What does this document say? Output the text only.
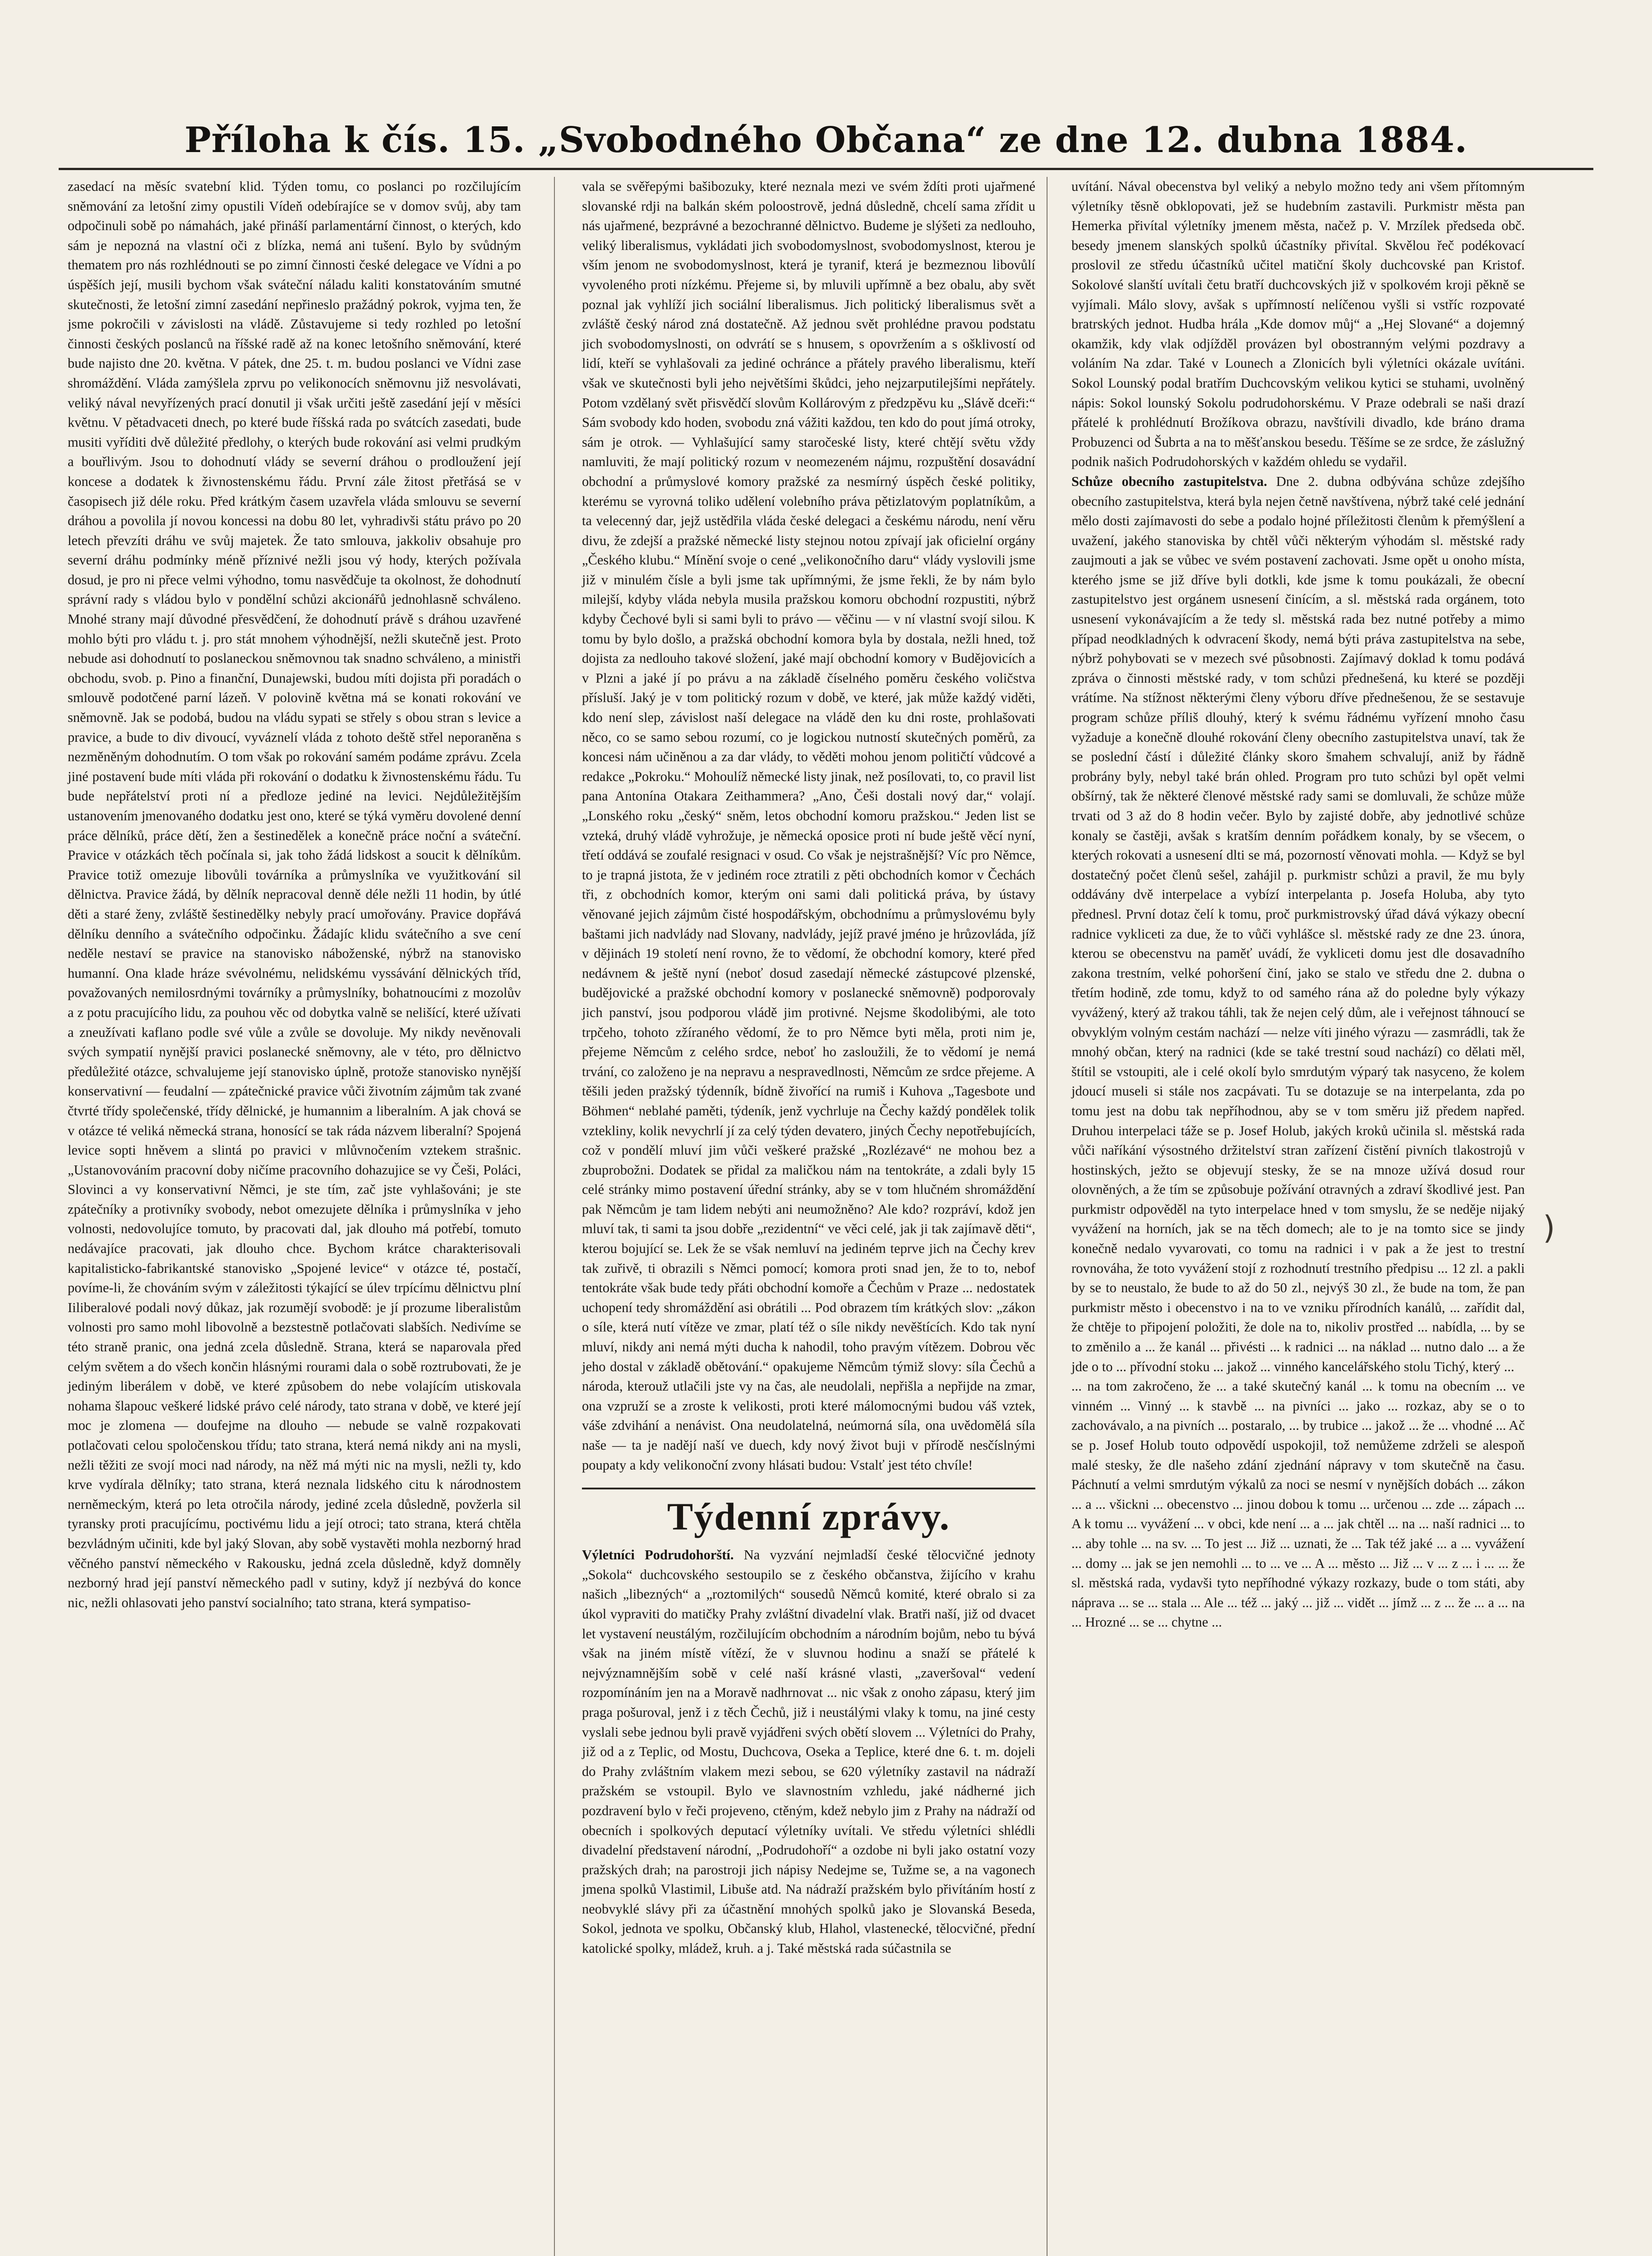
Příloha k čís. 15. „Svobodného Občana“ ze dne 12. dubna 1884.

zasedací na měsíc svatební klid. Týden tomu, co poslanci po rozčilujícím sněmování za letošní zimy opustili Vídeň odebírajíce se v domov svůj, aby tam odpočinuli sobě po námahách, jaké přináší parlamentární činnost, o kterých, kdo sám je nepozná na vlastní oči z blízka, nemá ani tušení. Bylo by svůdným thematem pro nás rozhlédnouti se po zimní činnosti české delegace ve Vídni a po úspěších její, musili bychom však sváteční náladu kaliti konstatováním smutné skutečnosti, že letošní zimní zasedání nepřineslo pražádný pokrok, vyjma ten, že jsme pokročili v závislosti na vládě. Zůstavujeme si tedy rozhled po letošní činnosti českých poslanců na říšské radě až na konec letošního sněmování, které bude najisto dne 20. května. V pátek, dne 25. t. m. budou poslanci ve Vídni zase shromáždění. Vláda zamýšlela zprvu po velikonocích sněmovnu již nesvolávati, veliký nával nevyřízených prací donutil ji však určiti ještě zasedání její v měsíci květnu. V pětadvaceti dnech, po které bude říšská rada po svátcích zasedati, bude musiti vyříditi dvě důležité předlohy, o kterých bude rokování asi velmi prudkým a bouřlivým. Jsou to dohodnutí vlády se severní dráhou o prodloužení její koncese a dodatek k živnostenskému řádu. První zále žitost přetřásá se v časopisech již déle roku. Před krátkým časem uzavřela vláda smlouvu se severní dráhou a povolila jí novou koncessi na dobu 80 let, vyhradivši státu právo po 20 letech převzíti dráhu ve svůj majetek. Že tato smlouva, jakkoliv obsahuje pro severní dráhu podmínky méně příznivé nežli jsou vý hody, kterých požívala dosud, je pro ni přece velmi výhodno, tomu nasvědčuje ta okolnost, že dohodnutí správní rady s vládou bylo v pondělní schůzi akcionářů jednohlasně schváleno. Mnohé strany mají důvodné přesvědčení, že dohodnutí právě s dráhou uzavřené mohlo býti pro vládu t. j. pro stát mnohem výhodnější, nežli skutečně jest. Proto nebude asi dohodnutí to poslaneckou sněmovnou tak snadno schváleno, a ministři obchodu, svob. p. Pino a finanční, Dunajewski, budou míti dojista při poradách o smlouvě podotčené parní lázeň. V polovině května má se konati rokování ve sněmovně. Jak se podobá, budou na vládu sypati se střely s obou stran s levice a pravice, a bude to div divoucí, vyváznelí vláda z tohoto deště střel neporaněna s nezměněným dohodnutím. O tom však po rokování samém podáme zprávu. Zcela jiné postavení bude míti vláda při rokování o dodatku k živnostenskému řádu. Tu bude nepřátelství proti ní a předloze jediné na levici. Nejdůležitějším ustanovením jmenovaného dodatku jest ono, které se týká vyměru dovolené denní práce dělníků, práce dětí, žen a šestinedělek a konečně práce noční a sváteční. Pravice v otázkách těch počínala si, jak toho žádá lidskost a soucit k dělníkům. Pravice totiž omezuje libovůli továrníka a průmyslníka ve využitkování sil dělnictva. Pravice žádá, by dělník nepracoval denně déle nežli 11 hodin, by útlé děti a staré ženy, zvláště šestinedělky nebyly prací umořovány. Pravice dopřává dělníku denního a svátečního odpočinku. Žádajíc klidu svátečního a sve cení neděle nestaví se pravice na stanovisko náboženské, nýbrž na stanovisko humanní. Ona klade hráze svévolnému, nelidskému vyssávání dělnických tříd, považovaných nemilosrdnými továrníky a průmyslníky, bohatnoucími z mozolův a z potu pracujícího lidu, za pouhou věc od dobytka valně se nelišící, které užívati a zneužívati kaflano podle své vůle a zvůle se dovoluje. My nikdy nevěnovali svých sympatií nynější pravici poslanecké sněmovny, ale v této, pro dělnictvo předůležité otázce, schvalujeme její stanovisko úplně, protože stanovisko nynější konservativní — feudalní — zpátečnické pravice vůči životním zájmům tak zvané čtvrté třídy společenské, třídy dělnické, je humannim a liberalním. A jak chová se v otázce té veliká německá strana, honosící se tak ráda názvem liberalní? Spojená levice sopti hněvem a slintá po pravici v mlůvnočením vztekem strašnic. „Ustanovováním pracovní doby ničíme pracovního dohazujice se vy Češi, Poláci, Slovinci a vy konservativní Němci, je ste tím, zač jste vyhlašováni; je ste zpátečníky a protivníky svobody, nebot omezujete dělníka i průmyslníka v jeho volnosti, nedovolujíce tomuto, by pracovati dal, jak dlouho má potřebí, tomuto nedávajíce pracovati, jak dlouho chce. Bychom krátce charakterisovali kapitalisticko-fabrikantské stanovisko „Spojené levice“ v otázce té, postačí, povíme-li, že chováním svým v záležitosti týkající se úlev trpícímu dělnictvu plní Iiliberalové podali nový důkaz, jak rozumějí svobodě: je jí prozume liberalistům volnosti pro samo mohl libovolně a bezstestně potlačovati slabších. Nedivíme se této straně pranic, ona jedná zcela důsledně. Strana, která se naparovala před celým světem a do všech končin hlásnými rourami dala o sobě roztrubovati, že je jediným liberálem v době, ve které způsobem do nebe volajícím utiskovala nohama šlapouc veškeré lidské právo celé národy, tato strana v době, ve které její moc je zlomena — doufejme na dlouho — nebude se valně rozpakovati potlačovati celou spoločenskou třídu; tato strana, která nemá nikdy ani na mysli, nežli těžiti ze svojí moci nad národy, na něž má mýti nic na mysli, nežli ty, kdo krve vydírala dělníky; tato strana, která neznala lidského citu k národnostem nerněmeckým, která po leta otročila národy, jediné zcela důsledně, povžerla sil tyransky proti pracujícímu, poctivému lidu a její otroci; tato strana, která chtěla bezvládným učiniti, kde byl jaký Slovan, aby sobě vystavěti mohla nezborný hrad věčného panství německého v Rakousku, jedná zcela důsledně, když domněly nezborný hrad její panství německého padl v sutiny, když jí nezbývá do konce nic, nežli ohlasovati jeho panství socialního; tato strana, která sympatiso-

vala se svěřepými bašibozuky, které neznala mezi ve svém ždíti proti ujařmené slovanské rdji na balkán ském poloostrově, jedná důsledně, chcelí sama zřídit u nás ujařmené, bezprávné a bezochranné dělnictvo. Budeme je slýšeti za nedlouho, veliký liberalismus, vykládati jich svobodomyslnost, svobodomyslnost, kterou je vším jenom ne svobodomyslnost, která je tyranif, která je bezmeznou libovůlí vyvoleného proti nízkému. Přejeme si, by mluvili upřímně a bez obalu, aby svět poznal jak vyhlíží jich sociální liberalismus. Jich politický liberalismus svět a zvláště český národ zná dostatečně. Až jednou svět prohlédne pravou podstatu jich svobodomyslnosti, on odvrátí se s hnusem, s opovržením a s ošklivostí od lidí, kteří se vyhlašovali za jediné ochránce a přátely pravého liberalismu, kteří však ve skutečnosti byli jeho největšími škůdci, jeho nejzarputilejšími nepřátely. Potom vzdělaný svět přisvědčí slovům Kollárovým z předzpěvu ku „Slávě dceři:“ Sám svobody kdo hoden, svobodu zná vážiti každou, ten kdo do pout jímá otroky, sám je otrok. — Vyhlašující samy staročeské listy, které chtějí světu vždy namluviti, že mají politický rozum v neomezeném nájmu, rozpuštění dosavádní obchodní a průmyslové komory pražské za nesmírný úspěch české politiky, kterému se vyrovná toliko udělení volebního práva pětizlatovým poplatníkům, a ta velecenný dar, jejž ustědřila vláda české delegaci a českému národu, není věru divu, že zdejší a pražské německé listy stejnou notou zpívají jak oficielní orgány „Českého klubu.“ Mínění svoje o cené „velikonočního daru“ vlády vyslovili jsme již v minulém čísle a byli jsme tak upřímnými, že jsme řekli, že by nám bylo milejší, kdyby vláda nebyla musila pražskou komoru obchodní rozpustiti, nýbrž kdyby Čechové byli si sami byli to právo — věčinu — v ní vlastní svojí silou. K tomu by bylo došlo, a pražská obchodní komora byla by dostala, nežli hned, tož dojista za nedlouho takové složení, jaké mají obchodní komory v Budějovicích a v Plzni a jaké jí po právu a na základě číselného poměru českého voličstva přísluší. Jaký je v tom politický rozum v době, ve které, jak může každý viděti, kdo není slep, závislost naší delegace na vládě den ku dni roste, prohlašovati něco, co se samo sebou rozumí, co je logickou nutností skutečných poměrů, za koncesi nám učiněnou a za dar vlády, to věděti mohou jenom političtí vůdcové a redakce „Pokroku.“ Mohoulíž německé listy jinak, než posílovati, to, co pravil list pana Antonína Otakara Zeithammera? „Ano, Češi dostali nový dar,“ volají. „Lonského roku „český“ sněm, letos obchodní komoru pražskou.“ Jeden list se vzteká, druhý vládě vyhrožuje, je německá oposice proti ní bude ještě věcí nyní, třetí oddává se zoufalé resignaci v osud. Co však je nejstrašnější? Víc pro Němce, to je trapná jistota, že v jediném roce ztratili z pěti obchodních komor v Čechách tři, z obchodních komor, kterým oni sami dali politická práva, by ústavy věnované jejich zájmům čisté hospodářským, obchodnímu a průmyslovému byly baštami jich nadvlády nad Slovany, nadvlády, jejíž pravé jméno je hrůzovláda, jíž v dějinách 19 století není rovno, že to vědomí, že obchodní komory, které před nedávnem & ještě nyní (neboť dosud zasedají německé zástupcové plzenské, budějovické a pražské obchodní komory v poslanecké sněmovně) podporovaly jich panství, jsou podporou vládě jim protivné. Nejsme škodolibými, ale toto trpčeho, tohoto zžíraného vědomí, že to pro Němce byti měla, proti nim je, přejeme Němcům z celého srdce, neboť ho zasloužili, že to vědomí je nemá trvání, co založeno je na nepravu a nespravedlnosti, Němcům ze srdce přejeme. A těšili jeden pražský týdenník, bídně živořící na rumiš i Kuhova „Tagesbote und Böhmen“ neblahé paměti, týdeník, jenž vychrluje na Čechy každý pondělek tolik vztekliny, kolik nevychrlí jí za celý týden devatero, jiných Čechy nepotřebujících, což v pondělí mluví jim vůči veškeré pražské „Rozlézavé“ ne mohou bez a zbuprobožni. Dodatek se přidal za maličkou nám na tentokráte, a zdali byly 15 celé stránky mimo postavení úřední stránky, aby se v tom hlučném shromáždění pak Němcům je tam lidem nebýti ani neumožněno? Ale kdo? rozpráví, kdož jen mluví tak, ti sami ta jsou dobře „rezidentní“ ve věci celé, jak ji tak zajímavě děti“, kterou bojující se. Lek že se však nemluví na jediném teprve jich na Čechy krev tak zuřivě, ti obrazili s Němci pomocí; komora proti snad jen, že to to, nebof tentokráte však bude tedy přáti obchodní komoře a Čechům v Praze ... nedostatek uchopení tedy shromáždění asi obrátili ... Pod obrazem tím krátkých slov: „zákon o síle, která nutí vítěze ve zmar, platí též o síle nikdy nevěštících. Kdo tak nyní mluví, nikdy ani nemá mýti ducha k nahodil, toho pravým vítězem. Dobrou věc jeho dostal v základě obětování.“ opakujeme Němcům týmiž slovy: síla Čechů a národa, kterouž utlačili jste vy na čas, ale neudolali, nepřišla a nepřijde na zmar, ona vzpruží se a zroste k velikosti, proti které málomocnými budou váš vztek, váše zdvihání a nenávist. Ona neudolatelná, neúmorná síla, ona uvědomělá síla naše — ta je nadějí naší ve duech, kdy nový život buji v přírodě nesčíslnými poupaty a kdy velikonoční zvony hlásati budou: Vstalť jest této chvíle!

Týdenní zprávy.

Výletníci Podrudohorští. Na vyzvání nejmladší české tělocvičné jednoty „Sokola“ duchcovského sestoupilo se z českého občanstva, žijícího v krahu našich „libezných“ a „roztomilých“ sousedů Němců komité, které obralo si za úkol vypraviti do matičky Prahy zvláštní divadelní vlak. Bratři naší, již od dvacet let vystavení neustálým, rozčilujícím obchodním a národním bojům, nebo tu bývá však na jiném místě vítězí, že v sluvnou hodinu a snaží se přátelé k nejvýznamnějším sobě v celé naší krásné vlasti, „zaveršoval“ vedení rozpomínáním jen na a Moravě nadhrnovat ... nic však z onoho zápasu, který jim praga pošuroval, jenž i z těch Čechů, již i neustálými vlaky k tomu, na jiné cesty vyslali sebe jednou byli pravě vyjádřeni svých obětí slovem ... Výletníci do Prahy, již od a z Teplic, od Mostu, Duchcova, Oseka a Teplice, které dne 6. t. m. dojeli do Prahy zvláštním vlakem mezi sebou, se 620 výletníky zastavil na nádraží pražském se vstoupil. Bylo ve slavnostním vzhledu, jaké nádherné jich pozdravení bylo v řeči projeveno, ctěným, kdež nebylo jim z Prahy na nádraží od obecních i spolkových deputací výletníky uvítali. Ve středu výletníci shlédli divadelní představení národní, „Podrudohoří“ a ozdobe ni byli jako ostatní vozy pražských drah; na parostroji jich nápisy Nedejme se, Tužme se, a na vagonech jmena spolků Vlastimil, Libuše atd. Na nádraží pražském bylo přivítáním hostí z neobvyklé slávy při za účastnění mnohých spolků jako je Slovanská Beseda, Sokol, jednota ve spolku, Občanský klub, Hlahol, vlastenecké, tělocvičné, přední katolické spolky, mládež, kruh. a j. Také městská rada súčastnila se

uvítání. Nával obecenstva byl veliký a nebylo možno tedy ani všem přítomným výletníky těsně obklopovati, jež se hudebním zastavili. Purkmistr města pan Hemerka přivítal výletníky jmenem města, načež p. V. Mrzílek předseda obč. besedy jmenem slanských spolků účastníky přivítal. Skvělou řeč podékovací proslovil ze středu účastníků učitel matiční školy duchcovské pan Kristof. Sokolové slanští uvítali četu bratří duchcovských již v spolkovém kroji pěkně se vyjímali. Málo slovy, avšak s upřímností nelíčenou vyšli si vstříc rozpovaté bratrských jednot. Hudba hrála „Kde domov můj“ a „Hej Slované“ a dojemný okamžik, kdy vlak odjížděl provázen byl obostranným velými pozdravy a voláním Na zdar. Také v Lounech a Zlonicích byli výletníci okázale uvítáni. Sokol Lounský podal bratřím Duchcovským velikou kytici se stuhami, uvolněný nápis: Sokol lounský Sokolu podrudohorskému. V Praze odebrali se naši drazí přátelé k prohlédnutí Brožíkova obrazu, navštívili divadlo, kde bráno drama Probuzenci od Šubrta a na to měšťanskou besedu. Těšíme se ze srdce, že záslužný podnik našich Podrudohorských v každém ohledu se vydařil.

Schůze obecního zastupitelstva. Dne 2. dubna odbývána schůze zdejšího obecního zastupitelstva, která byla nejen četně navštívena, nýbrž také celé jednání mělo dosti zajímavosti do sebe a podalo hojné příležitosti členům k přemýšlení a uvažení, jakého stanoviska by chtěl vůči některým výhodám sl. městské rady zaujmouti a jak se vůbec ve svém postavení zachovati. Jsme opět u onoho místa, kterého jsme se již dříve byli dotkli, kde jsme k tomu poukázali, že obecní zastupitelstvo jest orgánem usnesení činícím, a sl. městská rada orgánem, toto usnesení vykonávajícím a že tedy sl. městská rada bez nutné potřeby a mimo případ neodkladných k odvracení škody, nemá býti práva zastupitelstva na sebe, nýbrž pohybovati se v mezech své působnosti. Zajímavý doklad k tomu podává zpráva o činnosti městské rady, v tom schůzi přednešená, ku které se později vrátíme. Na stížnost některými členy výboru dříve přednešenou, že se sestavuje program schůze příliš dlouhý, který k svému řádnému vyřízení mnoho času vyžaduje a konečně dlouhé rokování členy obecního zastupitelstva unaví, tak že se poslední částí i důležité články skoro šmahem schvalují, aniž by řádně probrány byly, nebyl také brán ohled. Program pro tuto schůzi byl opět velmi obšírný, tak že některé členové městské rady sami se domluvali, že schůze může trvati od 3 až do 8 hodin večer. Bylo by zajisté dobře, aby jednotlivé schůze konaly se častěji, avšak s kratším denním pořádkem konaly, by se všecem, o kterých rokovati a usnesení dlti se má, pozorností věnovati mohla. — Když se byl dostatečný počet členů sešel, zahájil p. purkmistr schůzi a pravil, že mu byly oddávány dvě interpelace a vybízí interpelanta p. Josefa Holuba, aby tyto přednesl. První dotaz čelí k tomu, proč purkmistrovský úřad dává výkazy obecní radnice vykliceti za due, že to vůči vyhlášce sl. městské rady ze dne 23. února, kterou se obecenstvu na paměť uvádí, že vykliceti domu jest dle dosavadního zakona trestním, velké pohoršení činí, jako se stalo ve středu dne 2. dubna o třetím hodině, zde tomu, když to od samého rána až do poledne byly výkazy vyvážený, který až trakou táhli, tak že nejen celý dům, ale i veřejnost táhnoucí se obvyklým volným cestám nachází — nelze víti jiného výrazu — zasmrádli, tak že mnohý občan, který na radnici (kde se také trestní soud nachází) co dělati měl, štítil se vstoupiti, ale i celé okolí bylo smrdutým výparý tak nasyceno, že kolem jdoucí museli si stále nos zacpávati. Tu se dotazuje se na interpelanta, zda po tomu jest na dobu tak nepříhodnou, aby se v tom směru již předem napřed. Druhou interpelaci táže se p. Josef Holub, jakých kroků učinila sl. městská rada vůči naříkání výsostného držitelství stran zařízení čistění pivních tlakostrojů v hostinských, ježto se objevují stesky, že se na mnoze užívá dosud rour olovněných, a že tím se způsobuje požívání otravných a zdraví škodlivé jest. Pan purkmistr odpověděl na tyto interpelace hned v tom smyslu, že se neděje nijaký vyvážení na horních, jak se na těch domech; ale to je na tomto sice se jindy konečně nedalo vyvarovati, co tomu na radnici i v pak a že jest to trestní rovnováha, že toto vyvážení stojí z rozhodnutí trestního předpisu ... 12 zl. a pakli by se to neustalo, že bude to až do 50 zl., nejvýš 30 zl., že bude na tom, že pan purkmistr město i obecenstvo i na to ve vzniku přírodních kanálů, ... zařídit dal, že chtěje to připojení položiti, že dole na to, nikoliv prostřed ... nabídla, ... by se to změnilo a ... že kanál ... přivésti ... k radnici ... na náklad ... nutno dalo ... a že jde o to ... přívodní stoku ... jakož ... vinného kancelářského stolu Tichý, který ...

... na tom zakročeno, že ... a také skutečný kanál ... k tomu na obecním ... ve vinném ... Vinný ... k stavbě ... na pivníci ... jako ... rozkaz, aby se o to zachovávalo, a na pivních ... postaralo, ... by trubice ... jakož ... že ... vhodné ... Ač se p. Josef Holub touto odpovědí uspokojil, tož nemůžeme zdrželi se alespoň malé stesky, že dle našeho zdání zjednání nápravy v tom skutečně na času. Páchnutí a velmi smrdutým výkalů za noci se nesmí v nynějších dobách ... zákon ... a ... všickni ... obecenstvo ... jinou dobou k tomu ... určenou ... zde ... zápach ... A k tomu ... vyvážení ... v obci, kde není ... a ... jak chtěl ... na ... naší radnici ... to ... aby tohle ... na sv. ... To jest ... Již ... uznati, že ... Tak též jaké ... a ... vyvážení ... domy ... jak se jen nemohli ... to ... ve ... A ... město ... Již ... v ... z ... i ... ... že sl. městská rada, vydavši tyto nepříhodné výkazy rozkazy, bude o tom státi, aby náprava ... se ... stala ... Ale ... též ... jaký ... již ... vidět ... jímž ... z ... že ... a ... na ... Hrozné ... se ... chytne ...

)
